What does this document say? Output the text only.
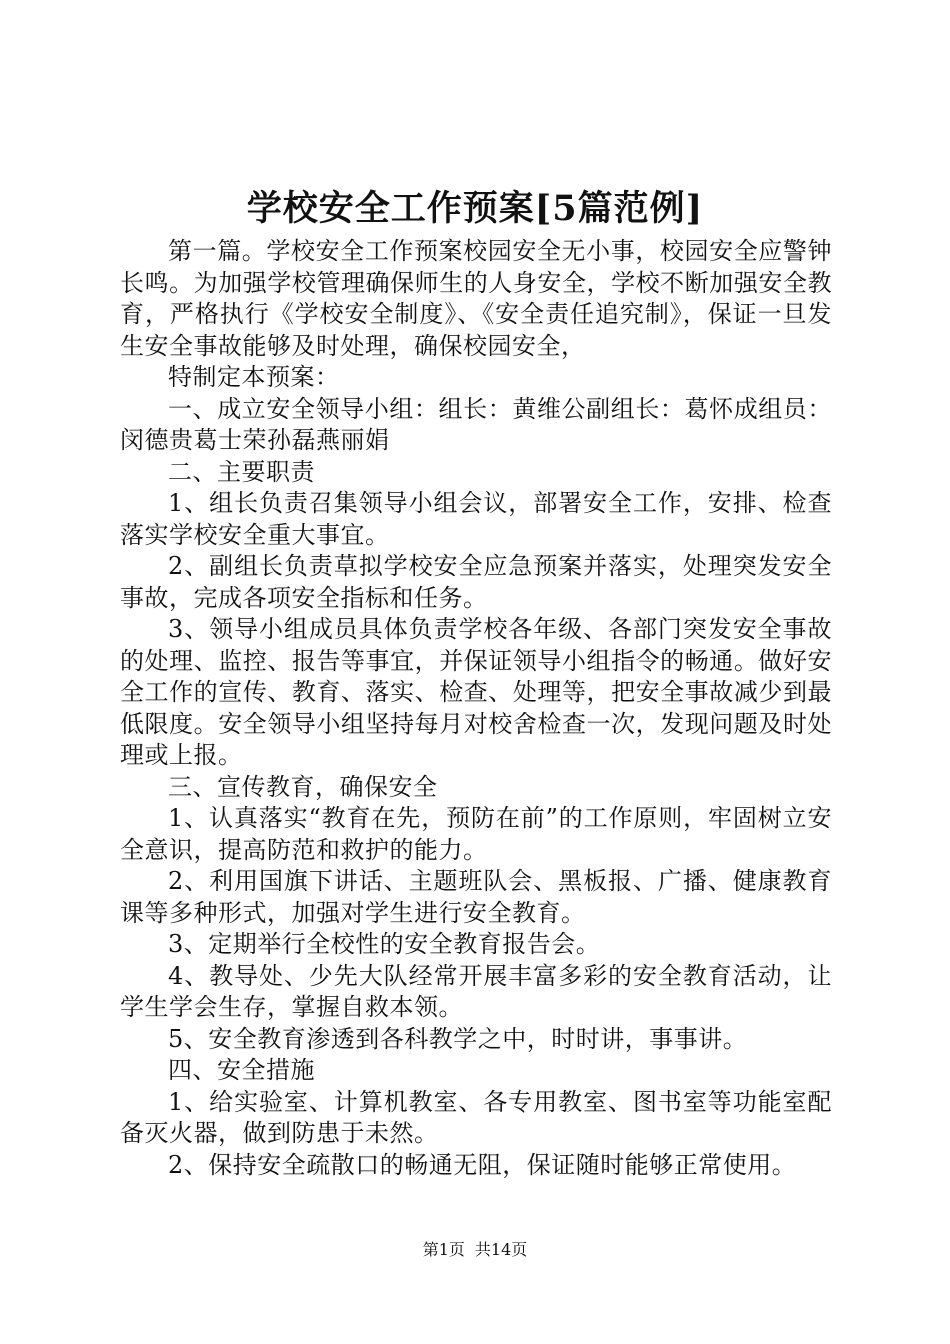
学校安全工作预案[5篇范例]

第一篇。学校安全工作预案校园安全无小事，校园安全应警钟长鸣。为加强学校管理确保师生的人身安全，学校不断加强安全教育，严格执行《学校安全制度》、《安全责任追究制》，保证一旦发生安全事故能够及时处理，确保校园安全，

特制定本预案：

一、成立安全领导小组：组长：黄维公副组长：葛怀成组员：闵德贵葛士荣孙磊燕丽娟

二、主要职责

1、组长负责召集领导小组会议，部署安全工作，安排、检查落实学校安全重大事宜。

2、副组长负责草拟学校安全应急预案并落实，处理突发安全事故，完成各项安全指标和任务。

3、领导小组成员具体负责学校各年级、各部门突发安全事故的处理、监控、报告等事宜，并保证领导小组指令的畅通。做好安全工作的宣传、教育、落实、检查、处理等，把安全事故减少到最低限度。安全领导小组坚持每月对校舍检查一次，发现问题及时处理或上报。

三、宣传教育，确保安全

1、认真落实“教育在先，预防在前”的工作原则，牢固树立安全意识，提高防范和救护的能力。

2、利用国旗下讲话、主题班队会、黑板报、广播、健康教育课等多种形式，加强对学生进行安全教育。

3、定期举行全校性的安全教育报告会。

4、教导处、少先大队经常开展丰富多彩的安全教育活动，让学生学会生存，掌握自救本领。

5、安全教育渗透到各科教学之中，时时讲，事事讲。

四、安全措施

1、给实验室、计算机教室、各专用教室、图书室等功能室配备灭火器，做到防患于未然。

2、保持安全疏散口的畅通无阻，保证随时能够正常使用。

第1页 共14页
